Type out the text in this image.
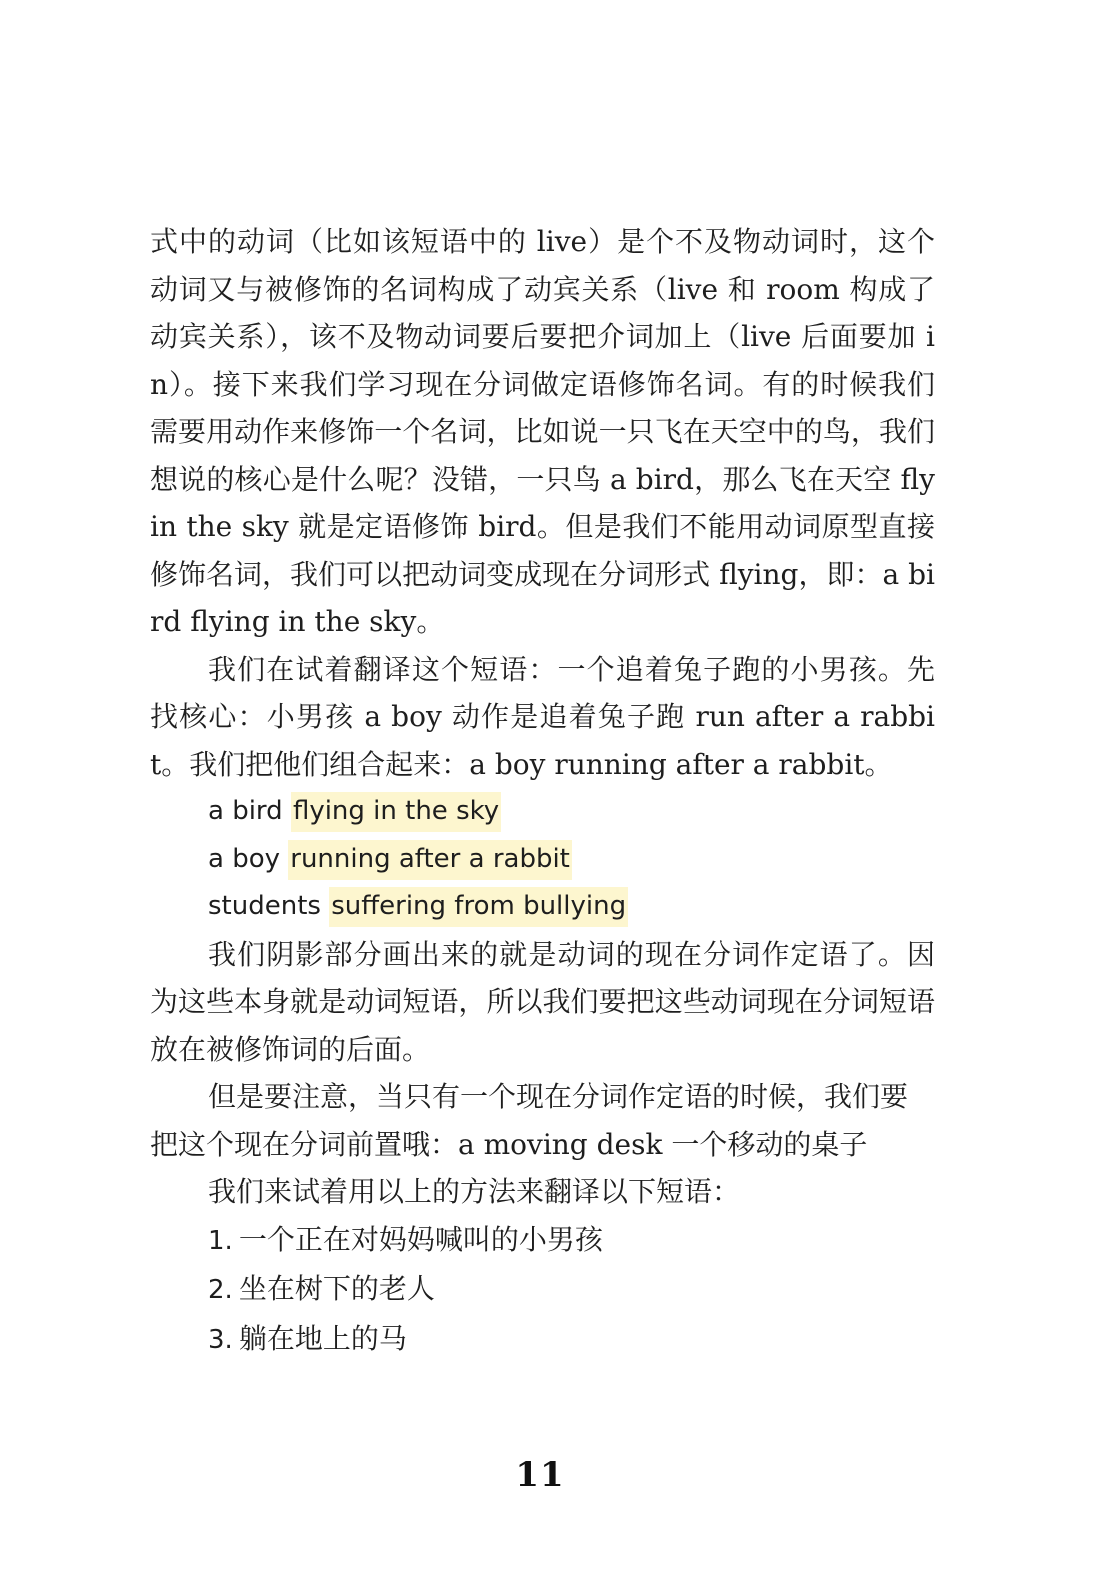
式中的动词（比如该短语中的 live）是个不及物动词时，这个动词又与被修饰的名词构成了动宾关系（live 和 room 构成了动宾关系），该不及物动词要后要把介词加上（live 后面要加 in）。接下来我们学习现在分词做定语修饰名词。有的时候我们需要用动作来修饰一个名词，比如说一只飞在天空中的鸟，我们想说的核心是什么呢？没错，一只鸟 a bird，那么飞在天空 fly in the sky 就是定语修饰 bird。但是我们不能用动词原型直接修饰名词，我们可以把动词变成现在分词形式 flying，即：a bird flying in the sky。

我们在试着翻译这个短语：一个追着兔子跑的小男孩。先找核心：小男孩 a boy 动作是追着兔子跑 run after a rabbit。我们把他们组合起来：a boy running after a rabbit。

a bird flying in the sky
a boy running after a rabbit
students suffering from bullying

我们阴影部分画出来的就是动词的现在分词作定语了。因为这些本身就是动词短语，所以我们要把这些动词现在分词短语放在被修饰词的后面。

但是要注意，当只有一个现在分词作定语的时候，我们要把这个现在分词前置哦：a moving desk 一个移动的桌子

我们来试着用以上的方法来翻译以下短语：

1. 一个正在对妈妈喊叫的小男孩
2. 坐在树下的老人
3. 躺在地上的马
11
